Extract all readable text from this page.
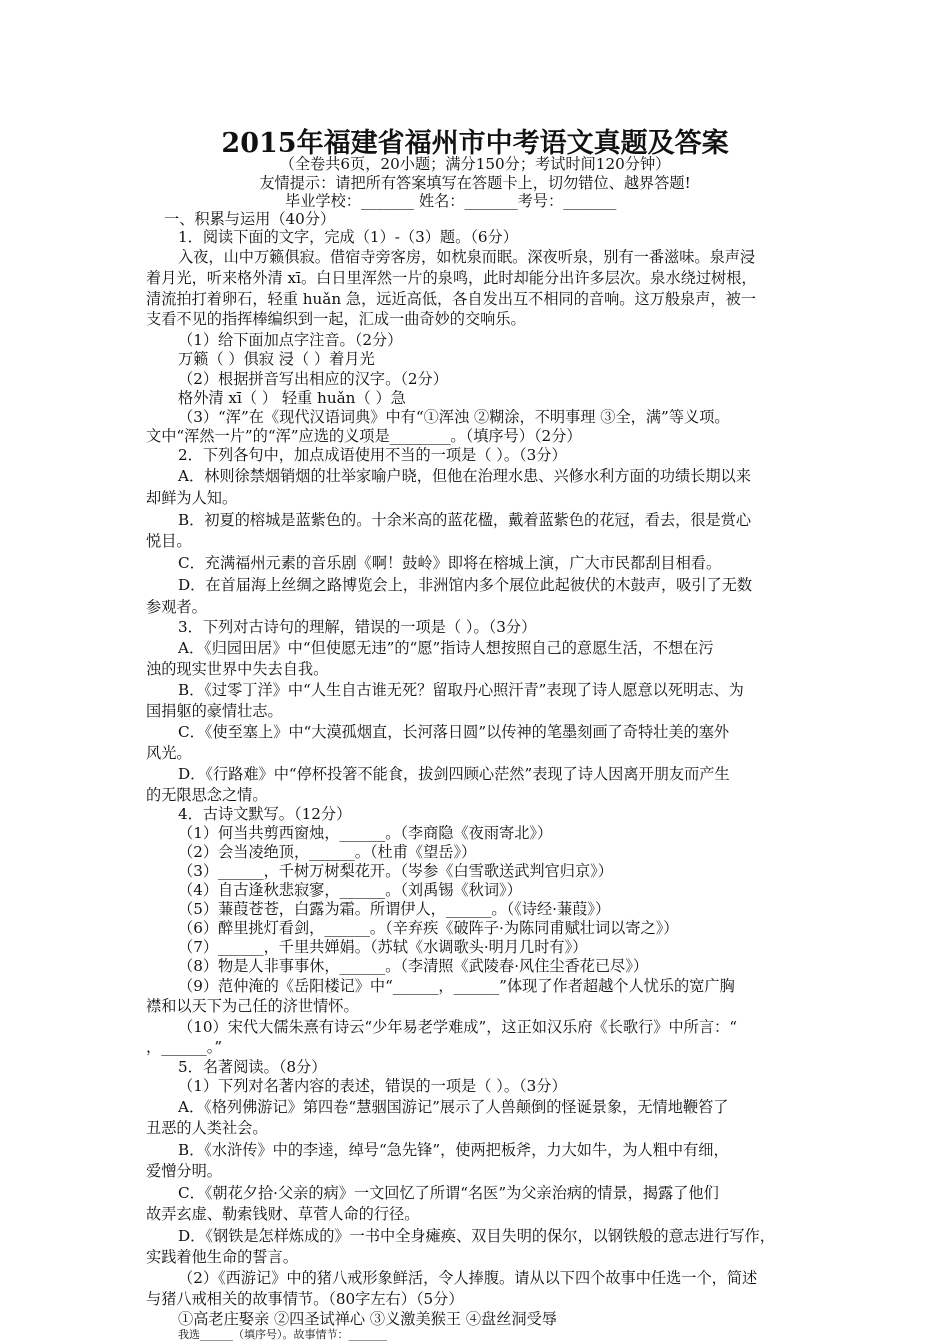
2015年福建省福州市中考语文真题及答案
（全卷共6页，20小题；满分150分；考试时间120分钟）
友情提示：请把所有答案填写在答题卡上，切勿错位、越界答题!
毕业学校：_______ 姓名：_______考号：_______
一、积累与运用（40分）
1．阅读下面的文字，完成（1）-（3）题。（6分）
入夜，山中万籁俱寂。借宿寺旁客房，如枕泉而眠。深夜听泉，别有一番滋味。泉声浸
着月光，听来格外清 xī。白日里浑然一片的泉鸣，此时却能分出许多层次。泉水绕过树根，
清流拍打着卵石，轻重 huǎn 急，远近高低，各自发出互不相同的音响。这万般泉声，被一
支看不见的指挥棒编织到一起，汇成一曲奇妙的交响乐。
（1）给下面加点字注音。（2分）
万籁（ ）俱寂 浸（ ）着月光
（2）根据拼音写出相应的汉字。（2分）
格外清 xī（ ） 轻重 huǎn（ ）急
（3）“浑”在《现代汉语词典》中有“①浑浊 ②糊涂，不明事理 ③全，满”等义项。
文中“浑然一片”的“浑”应选的义项是________。（填序号）（2分）
2．下列各句中，加点成语使用不当的一项是（ ）。（3分）
A．林则徐禁烟销烟的壮举家喻户晓，但他在治理水患、兴修水利方面的功绩长期以来
却鲜为人知。
B．初夏的榕城是蓝紫色的。十余米高的蓝花楹，戴着蓝紫色的花冠，看去，很是赏心
悦目。
C．充满福州元素的音乐剧《啊！鼓岭》即将在榕城上演，广大市民都刮目相看。
D．在首届海上丝绸之路博览会上，非洲馆内多个展位此起彼伏的木鼓声，吸引了无数
参观者。
3．下列对古诗句的理解，错误的一项是（ ）。（3分）
A．《归园田居》中“但使愿无违”的“愿”指诗人想按照自己的意愿生活，不想在污
浊的现实世界中失去自我。
B．《过零丁洋》中“人生自古谁无死？留取丹心照汗青”表现了诗人愿意以死明志、为
国捐躯的豪情壮志。
C．《使至塞上》中“大漠孤烟直，长河落日圆”以传神的笔墨刻画了奇特壮美的塞外
风光。
D．《行路难》中“停杯投箸不能食，拔剑四顾心茫然”表现了诗人因离开朋友而产生
的无限思念之情。
4．古诗文默写。（12分）
（1）何当共剪西窗烛，______。（李商隐《夜雨寄北》）
（2）会当凌绝顶，______。（杜甫《望岳》）
（3）______，千树万树梨花开。（岑参《白雪歌送武判官归京》）
（4）自古逢秋悲寂寥，______。（刘禹锡《秋词》）
（5）蒹葭苍苍，白露为霜。所谓伊人，______。（《诗经·蒹葭》）
（6）醉里挑灯看剑，______。（辛弃疾《破阵子·为陈同甫赋壮词以寄之》）
（7）______，千里共婵娟。（苏轼《水调歌头·明月几时有》）
（8）物是人非事事休，______。（李清照《武陵春·风住尘香花已尽》）
（9）范仲淹的《岳阳楼记》中“______，______”体现了作者超越个人忧乐的宽广胸
襟和以天下为己任的济世情怀。
（10）宋代大儒朱熹有诗云“少年易老学难成”，这正如汉乐府《长歌行》中所言：“
，______。”
5．名著阅读。（8分）
（1）下列对名著内容的表述，错误的一项是（ ）。（3分）
A．《格列佛游记》第四卷“慧骃国游记”展示了人兽颠倒的怪诞景象，无情地鞭笞了
丑恶的人类社会。
B．《水浒传》中的李逵，绰号“急先锋”，使两把板斧，力大如牛，为人粗中有细，
爱憎分明。
C．《朝花夕拾·父亲的病》一文回忆了所谓“名医”为父亲治病的情景，揭露了他们
故弄玄虚、勒索钱财、草菅人命的行径。
D．《钢铁是怎样炼成的》一书中全身瘫痪、双目失明的保尔，以钢铁般的意志进行写作，
实践着他生命的誓言。
（2）《西游记》中的猪八戒形象鲜活，令人捧腹。请从以下四个故事中任选一个，简述
与猪八戒相关的故事情节。（80字左右）（5分）
①高老庄娶亲 ②四圣试禅心 ③义激美猴王 ④盘丝洞受辱
我选______（填序号）。故事情节：_______	6．综合性学习。（8分）
为营造“走近青运、参与青运、奉献青运”的氛围，学校开展“为青运加油 为福州喝
